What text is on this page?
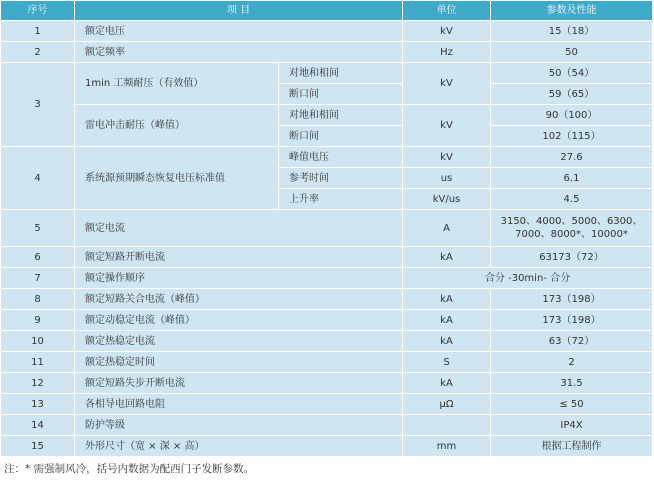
序号	项 目		单位	参数及性能
1	额定电压		kV	15（18）
2	额定频率		Hz	50
3	1min 工频耐压（有效值）	对地和相间	kV	50（54）
		断口间		59（65）
	雷电冲击耐压（峰值）	对地和相间	kV	90（100）
		断口间		102（115）
4	系统源预期瞬态恢复电压标准值	峰值电压	kV	27.6
		参考时间	us	6.1
		上升率	kV/us	4.5
5	额定电流		A	3150、4000、5000、6300、
7000、8000*、10000*

6	额定短路开断电流		kA	63173（72）
7	额定操作顺序		合分 -30min- 合分	
8	额定短路关合电流（峰值）		kA	173（198）
9	额定动稳定电流（峰值）		kA	173（198）
10	额定热稳定电流		kA	63（72）
11	额定热稳定时间		S	2
12	额定短路失步开断电流		kA	31.5
13	各相导电回路电阻		μΩ	≤ 50
14	防护等级			IP4X
15	外形尺寸（宽 × 深 × 高）		mm	根据工程制作
注：* 需强制风冷，括号内数据为配西门子发断参数。
